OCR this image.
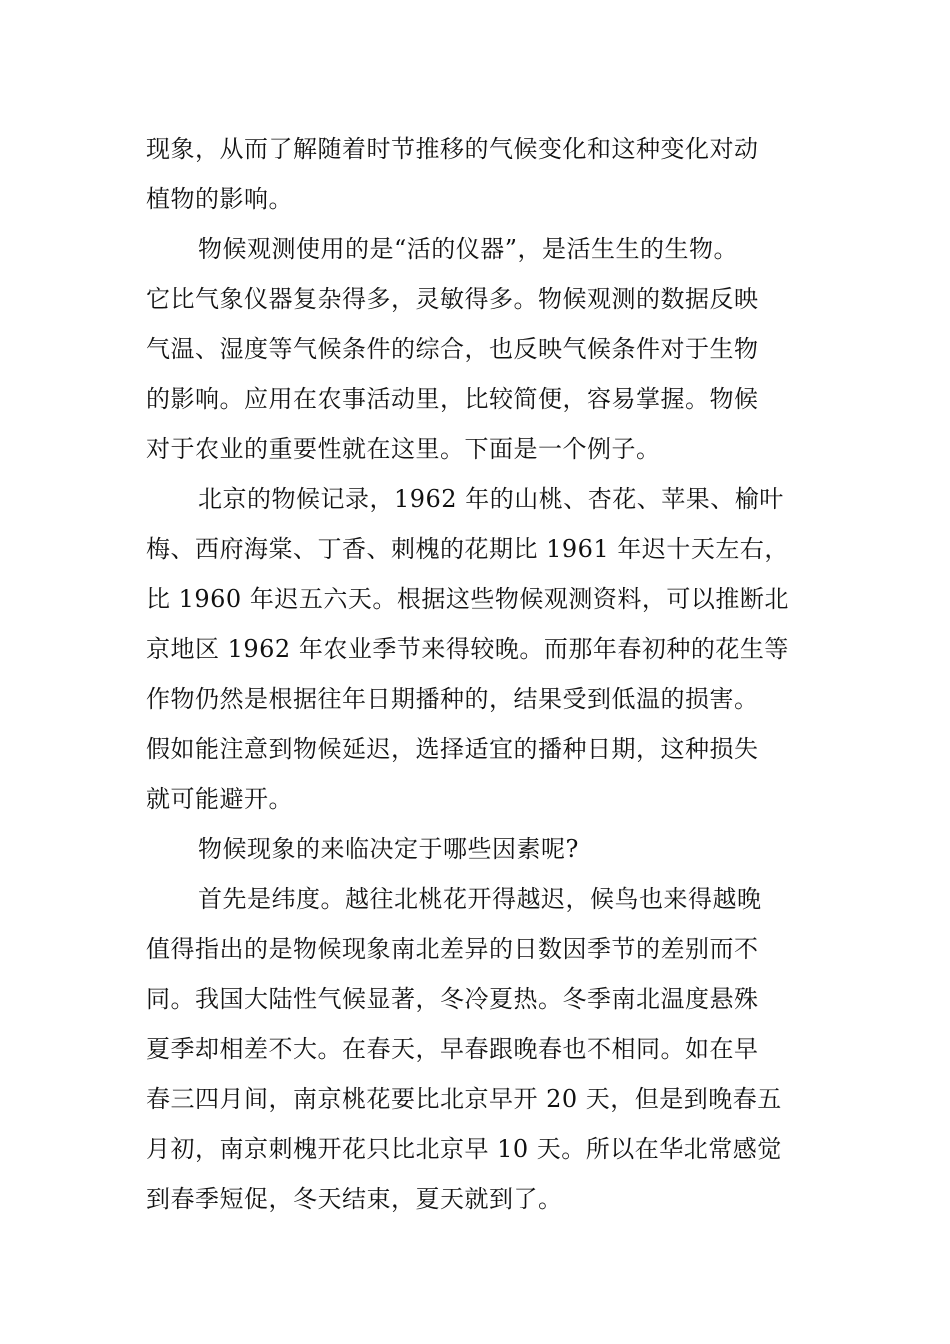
现象，从而了解随着时节推移的气候变化和这种变化对动
植物的影响。
物候观测使用的是“活的仪器”，是活生生的生物。
它比气象仪器复杂得多，灵敏得多。物候观测的数据反映
气温、湿度等气候条件的综合，也反映气候条件对于生物
的影响。应用在农事活动里，比较简便，容易掌握。物候
对于农业的重要性就在这里。下面是一个例子。
北京的物候记录，1962 年的山桃、杏花、苹果、榆叶
梅、西府海棠、丁香、刺槐的花期比 1961 年迟十天左右，
比 1960 年迟五六天。根据这些物候观测资料，可以推断北
京地区 1962 年农业季节来得较晚。而那年春初种的花生等
作物仍然是根据往年日期播种的，结果受到低温的损害。
假如能注意到物候延迟，选择适宜的播种日期，这种损失
就可能避开。
物候现象的来临决定于哪些因素呢?
首先是纬度。越往北桃花开得越迟，候鸟也来得越晚
值得指出的是物候现象南北差异的日数因季节的差别而不
同。我国大陆性气候显著，冬冷夏热。冬季南北温度悬殊
夏季却相差不大。在春天，早春跟晚春也不相同。如在早
春三四月间，南京桃花要比北京早开 20 天，但是到晚春五
月初，南京刺槐开花只比北京早 10 天。所以在华北常感觉
到春季短促，冬天结束，夏天就到了。
